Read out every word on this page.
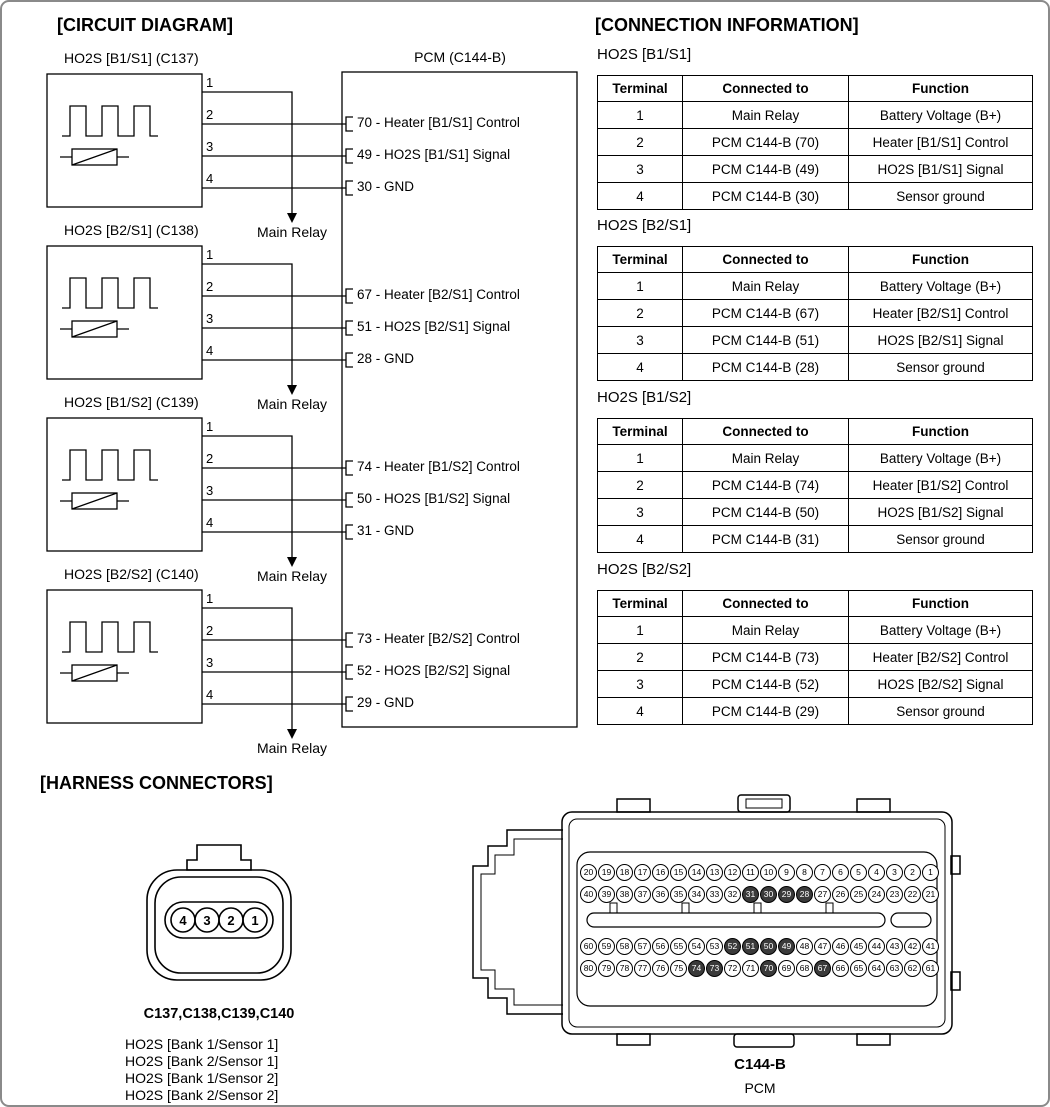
[CIRCUIT DIAGRAM]	[CONNECTION INFORMATION]
[HARNESS CONNECTORS]
PCM (C144-B)
HO2S [B1/S1] (C137)
1
2
3
4
70 - Heater [B1/S1] Control
49 - HO2S [B1/S1] Signal
30 - GND
Main Relay
HO2S [B2/S1] (C138)
1
2
3
4
67 - Heater [B2/S1] Control
51 - HO2S [B2/S1] Signal
28 - GND
Main Relay
HO2S [B1/S2] (C139)
1
2
3
4
74 - Heater [B1/S2] Control
50 - HO2S [B1/S2] Signal
31 - GND
Main Relay
HO2S [B2/S2] (C140)
1
2
3
4
73 - Heater [B2/S2] Control
52 - HO2S [B2/S2] Signal
29 - GND
Main Relay
HO2S [B1/S1]
Terminal	Connected to	Function
1	Main Relay	Battery Voltage (B+)
2	PCM C144-B (70)	Heater [B1/S1] Control
3	PCM C144-B (49)	HO2S [B1/S1] Signal
4	PCM C144-B (30)	Sensor ground
HO2S [B2/S1]
Terminal	Connected to	Function
1	Main Relay	Battery Voltage (B+)
2	PCM C144-B (67)	Heater [B2/S1] Control
3	PCM C144-B (51)	HO2S [B2/S1] Signal
4	PCM C144-B (28)	Sensor ground
HO2S [B1/S2]
Terminal	Connected to	Function
1	Main Relay	Battery Voltage (B+)
2	PCM C144-B (74)	Heater [B1/S2] Control
3	PCM C144-B (50)	HO2S [B1/S2] Signal
4	PCM C144-B (31)	Sensor ground
HO2S [B2/S2]
Terminal	Connected to	Function
1	Main Relay	Battery Voltage (B+)
2	PCM C144-B (73)	Heater [B2/S2] Control
3	PCM C144-B (52)	HO2S [B2/S2] Signal
4	PCM C144-B (29)	Sensor ground
4 3 2 1
C137,C138,C139,C140
HO2S [Bank 1/Sensor 1]
HO2S [Bank 2/Sensor 1]
HO2S [Bank 1/Sensor 2]
HO2S [Bank 2/Sensor 2]
20	19	18	17	16	15	14	13	12	11	10	9	8	7	6	5	4	3	2	1
40	39	38	37	36	35	34	33	32	31	30	29	28	27	26	25	24	23	22	21
60	59	58	57	56	55	54	53	52	51	50	49	48	47	46	45	44	43	42	41
80	79	78	77	76	75	74	73	72	71	70	69	68	67	66	65	64	63	62	61
C144-B
PCM
